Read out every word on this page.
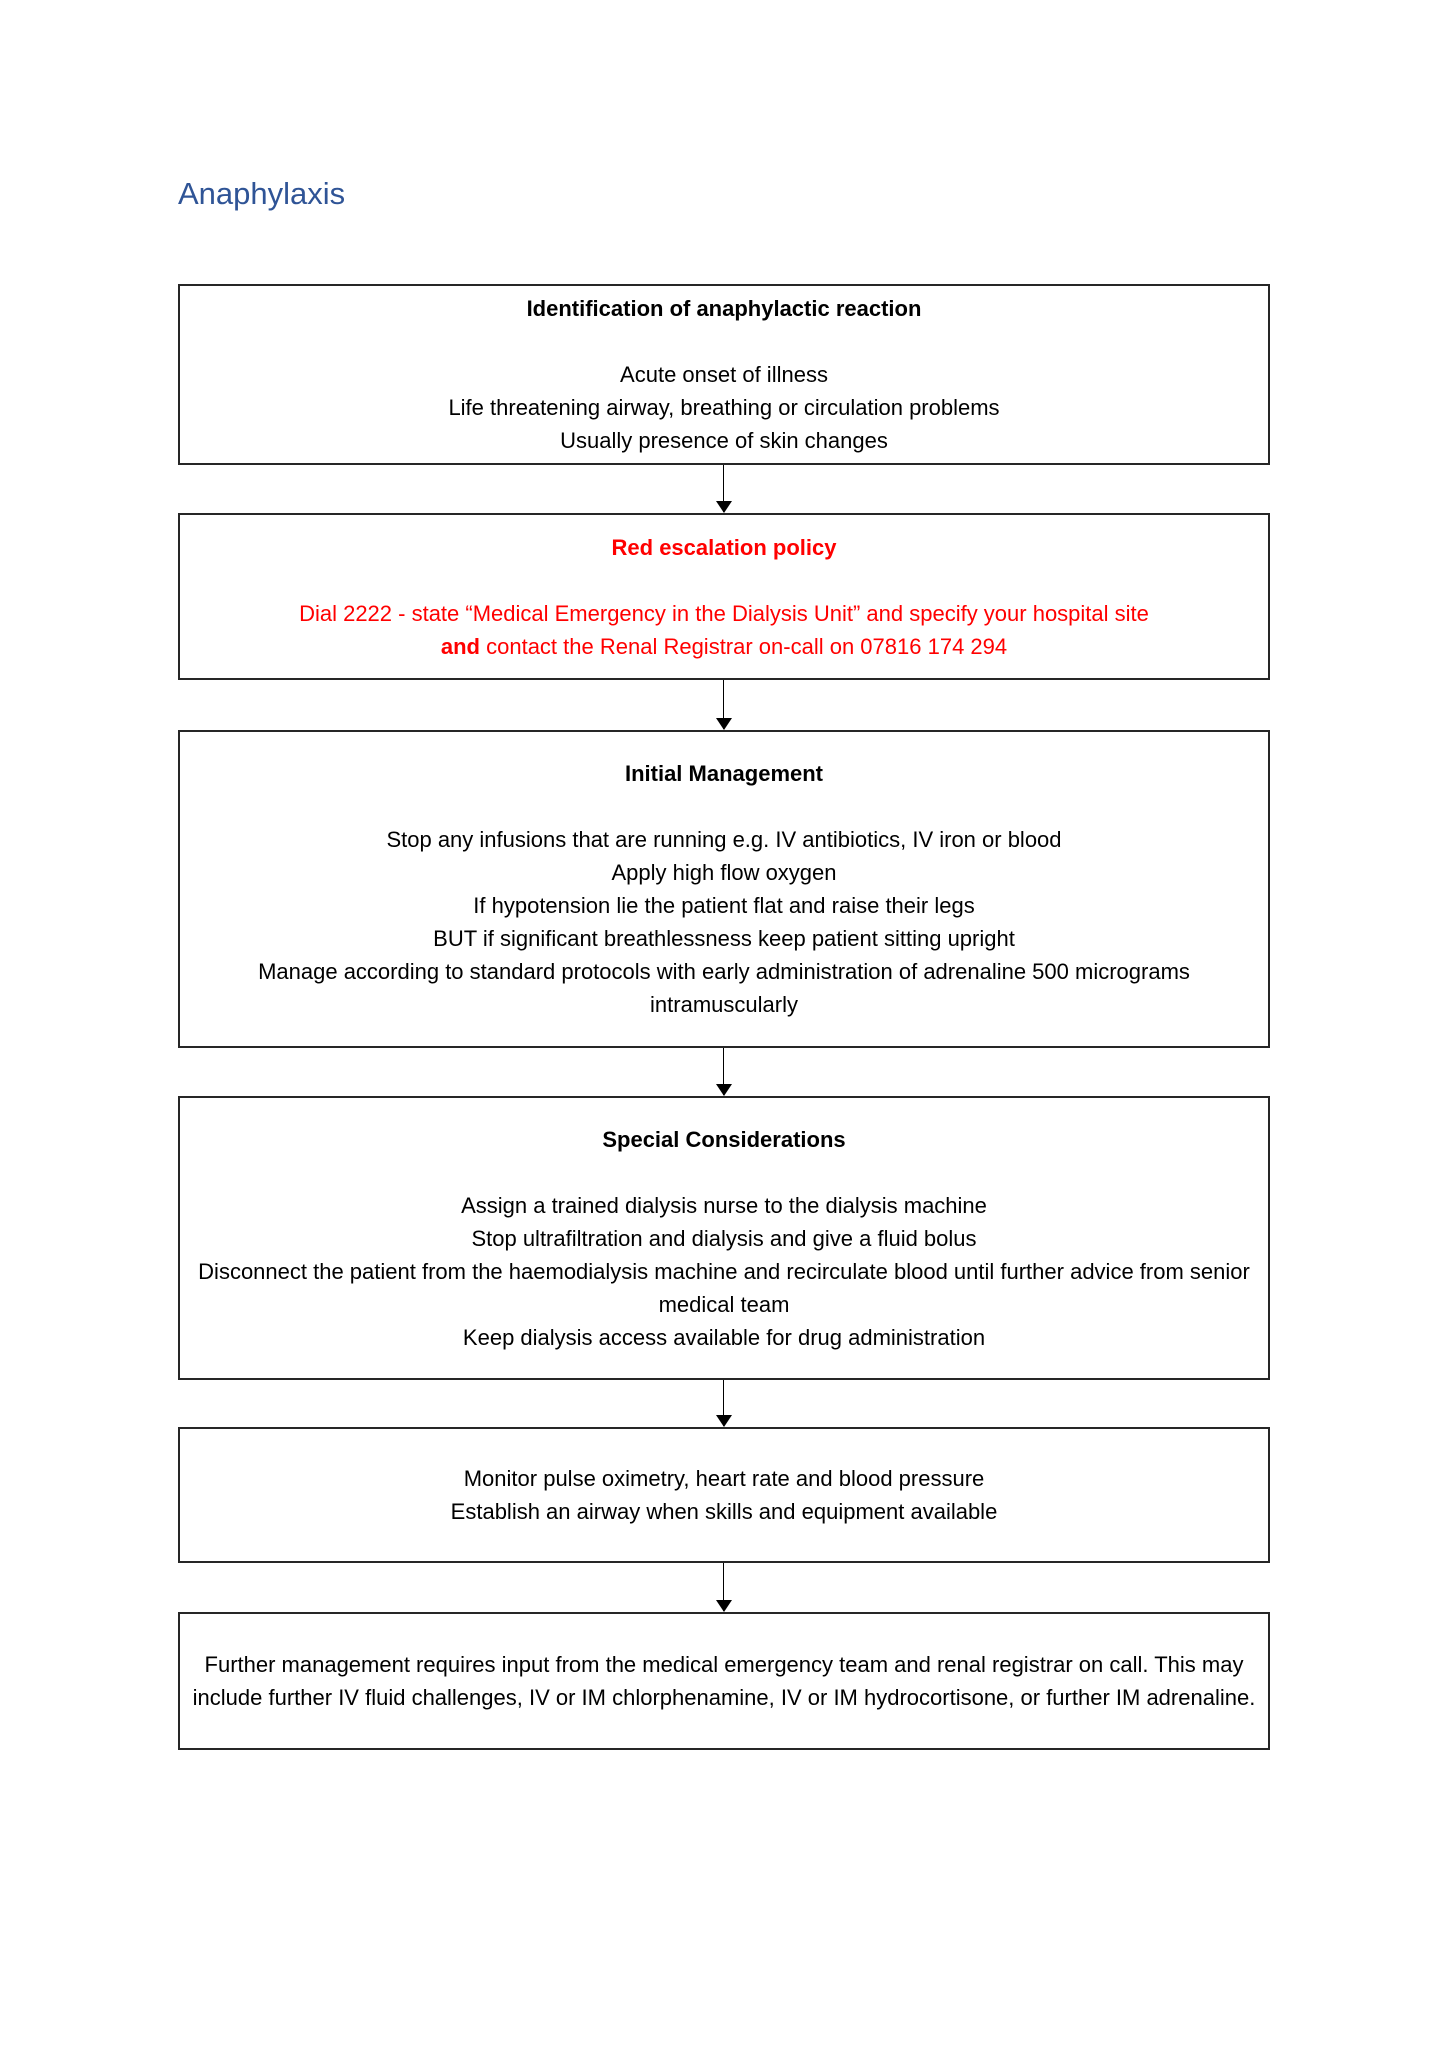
Anaphylaxis
Identification of anaphylactic reaction
Acute onset of illness
Life threatening airway, breathing or circulation problems
Usually presence of skin changes
Red escalation policy
Dial 2222 - state “Medical Emergency in the Dialysis Unit” and specify your hospital site
and contact the Renal Registrar on-call on 07816 174 294
Initial Management
Stop any infusions that are running e.g. IV antibiotics, IV iron or blood
Apply high flow oxygen
If hypotension lie the patient flat and raise their legs
BUT if significant breathlessness keep patient sitting upright
Manage according to standard protocols with early administration of adrenaline 500 micrograms intramuscularly
Special Considerations
Assign a trained dialysis nurse to the dialysis machine
Stop ultrafiltration and dialysis and give a fluid bolus
Disconnect the patient from the haemodialysis machine and recirculate blood until further advice from senior medical team
Keep dialysis access available for drug administration
Monitor pulse oximetry, heart rate and blood pressure
Establish an airway when skills and equipment available
Further management requires input from the medical emergency team and renal registrar on call. This may include further IV fluid challenges, IV or IM chlorphenamine, IV or IM hydrocortisone, or further IM adrenaline.
